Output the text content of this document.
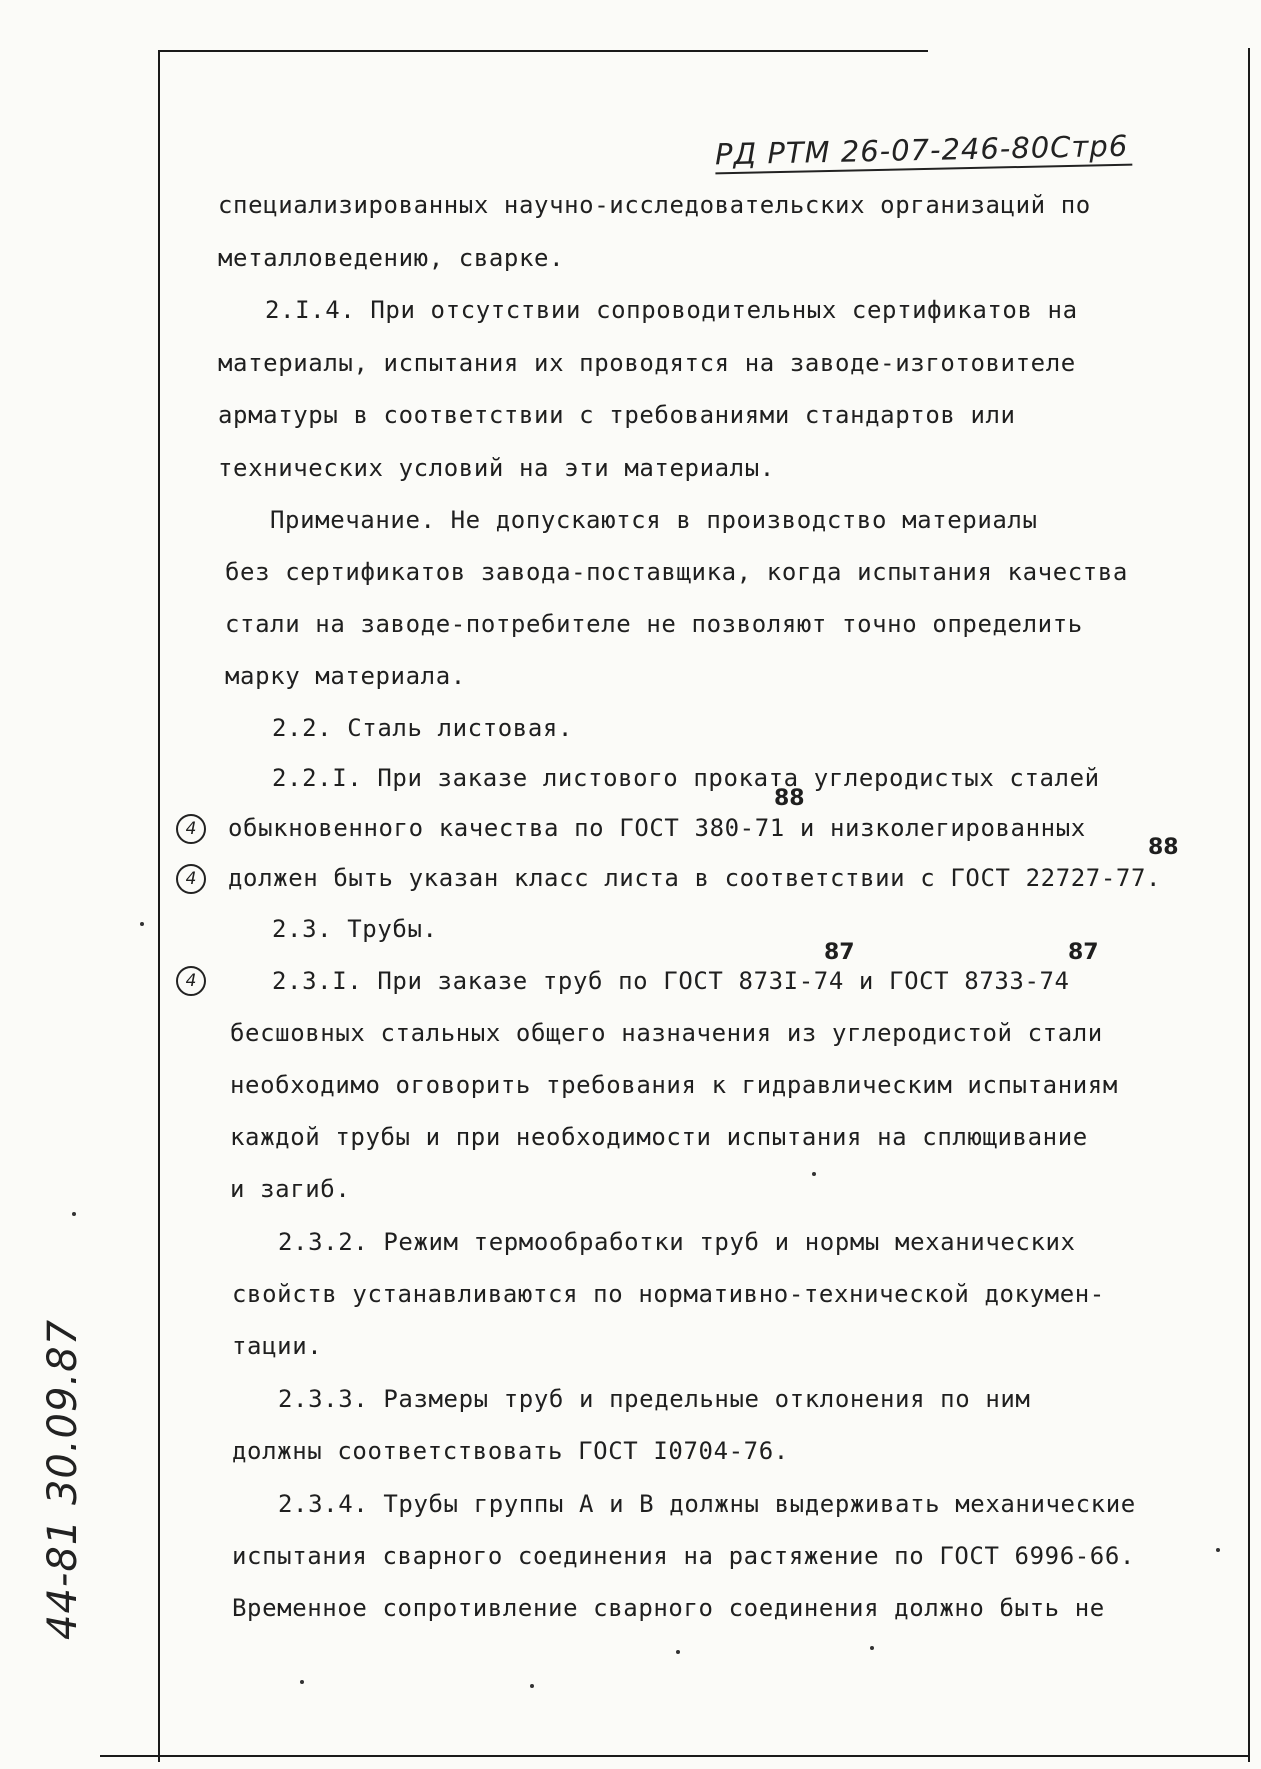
РД РТМ 26-07-246-80Стр6
специализированных научно-исследовательских организаций по
металловедению, сварке.
2.I.4. При отсутствии сопроводительных сертификатов на
материалы, испытания их проводятся на заводе-изготовителе
арматуры в соответствии с требованиями стандартов или
технических условий на эти материалы.
Примечание. Не допускаются в производство материалы
без сертификатов завода-поставщика, когда испытания качества
стали на заводе-потребителе не позволяют точно определить
марку материала.
2.2. Сталь листовая.
2.2.I. При заказе листового проката углеродистых сталей
обыкновенного качества по ГОСТ 380-71 и низколегированных
должен быть указан класс листа в соответствии с ГОСТ 22727-77.
2.3. Трубы.
2.3.I. При заказе труб по ГОСТ 873I-74 и ГОСТ 8733-74
бесшовных стальных общего назначения из углеродистой стали
необходимо оговорить требования к гидравлическим испытаниям
каждой трубы и при необходимости испытания на сплющивание
и загиб.
2.3.2. Режим термообработки труб и нормы механических
свойств устанавливаются по нормативно-технической докумен-
тации.
2.3.3. Размеры труб и предельные отклонения по ним
должны соответствовать ГОСТ I0704-76.
2.3.4. Трубы группы А и В должны выдерживать механические
испытания сварного соединения на растяжение по ГОСТ 6996-66.
Временное сопротивление сварного соединения должно быть не
4
4
4
88
88
87	87
44-81 30.09.87
